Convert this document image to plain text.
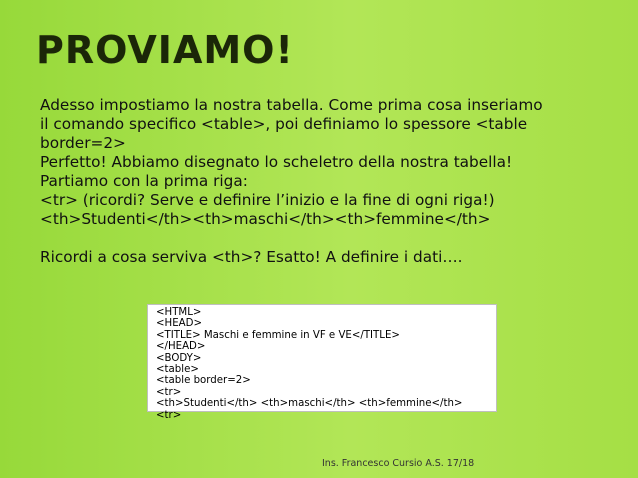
PROVIAMO!
Adesso impostiamo la nostra tabella. Come prima cosa inseriamo
il comando specifico <table>, poi definiamo lo spessore <table
border=2>
Perfetto! Abbiamo disegnato lo scheletro della nostra tabella!
Partiamo con la prima riga:
<tr> (ricordi? Serve e definire l’inizio e la fine di ogni riga!)
<th>Studenti</th><th>maschi</th><th>femmine</th>
Ricordi a cosa serviva <th>? Esatto! A definire i dati….
<HTML>
<HEAD>
<TITLE> Maschi e femmine in VF e VE</TITLE>
</HEAD>
<BODY>
<table>
<table border=2>
<tr>
<th>Studenti</th> <th>maschi</th> <th>femmine</th>
<tr>
Ins. Francesco Cursio A.S. 17/18
